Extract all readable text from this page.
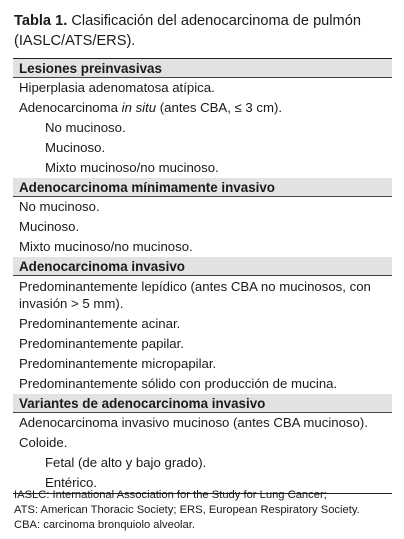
Tabla 1. Clasificación del adenocarcinoma de pulmón (IASLC/ATS/ERS).

Lesiones preinvasivas
Hiperplasia adenomatosa atípica.
Adenocarcinoma in situ (antes CBA, ≤ 3 cm).
No mucinoso.
Mucinoso.
Mixto mucinoso/no mucinoso.
Adenocarcinoma mínimamente invasivo
No mucinoso.
Mucinoso.
Mixto mucinoso/no mucinoso.
Adenocarcinoma invasivo
Predominantemente lepídico (antes CBA no mucinosos, con invasión > 5 mm).
Predominantemente acinar.
Predominantemente papilar.
Predominantemente micropapilar.
Predominantemente sólido con producción de mucina.
Variantes de adenocarcinoma invasivo
Adenocarcinoma invasivo mucinoso (antes CBA mucinoso).
Coloide.
Fetal (de alto y bajo grado).
Entérico.
IASLC: International Association for the Study for Lung Cancer;
ATS: American Thoracic Society; ERS, European Respiratory Society.
CBA: carcinoma bronquiolo alveolar.
